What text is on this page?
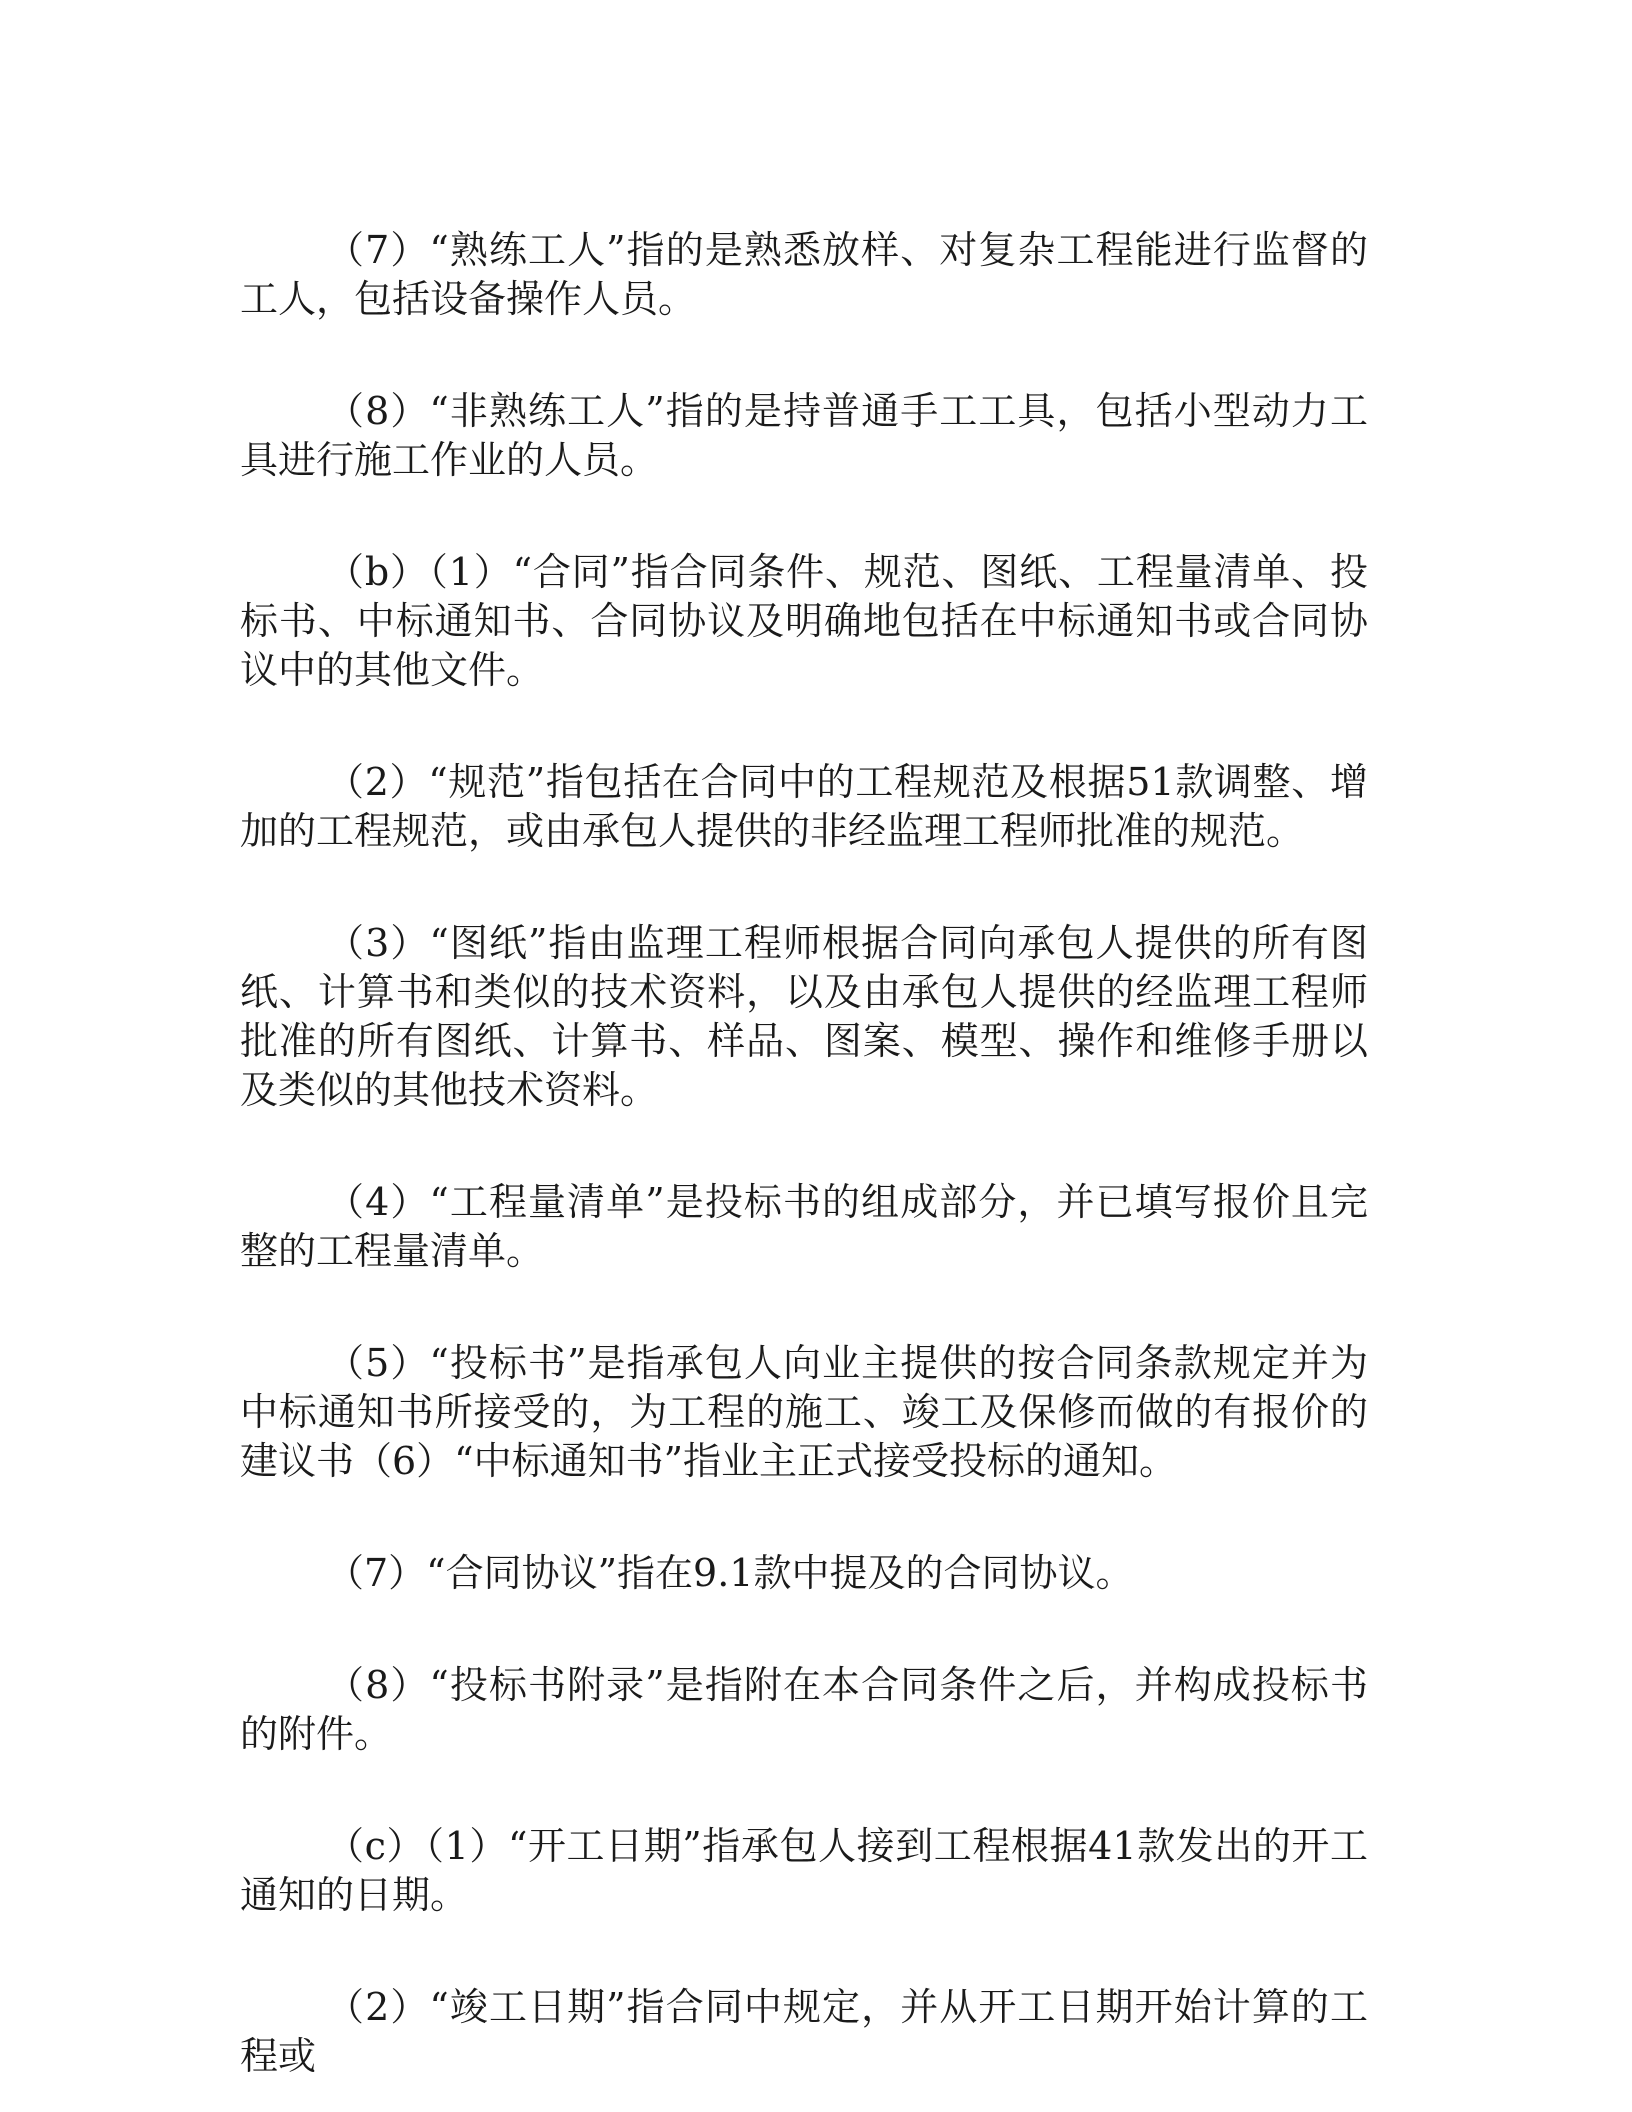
（7）“熟练工人”指的是熟悉放样、对复杂工程能进行监督的工人，包括设备操作人员。

（8）“非熟练工人”指的是持普通手工工具，包括小型动力工具进行施工作业的人员。

（b）（1）“合同”指合同条件、规范、图纸、工程量清单、投标书、中标通知书、合同协议及明确地包括在中标通知书或合同协议中的其他文件。

（2）“规范”指包括在合同中的工程规范及根据51款调整、增加的工程规范，或由承包人提供的非经监理工程师批准的规范。

（3）“图纸”指由监理工程师根据合同向承包人提供的所有图纸、计算书和类似的技术资料，以及由承包人提供的经监理工程师批准的所有图纸、计算书、样品、图案、模型、操作和维修手册以及类似的其他技术资料。

（4）“工程量清单”是投标书的组成部分，并已填写报价且完整的工程量清单。

（5）“投标书”是指承包人向业主提供的按合同条款规定并为中标通知书所接受的，为工程的施工、竣工及保修而做的有报价的建议书（6）“中标通知书”指业主正式接受投标的通知。

（7）“合同协议”指在9.1款中提及的合同协议。

（8）“投标书附录”是指附在本合同条件之后，并构成投标书的附件。

（c）（1）“开工日期”指承包人接到工程根据41款发出的开工通知的日期。

（2）“竣工日期”指合同中规定，并从开工日期开始计算的工程或
